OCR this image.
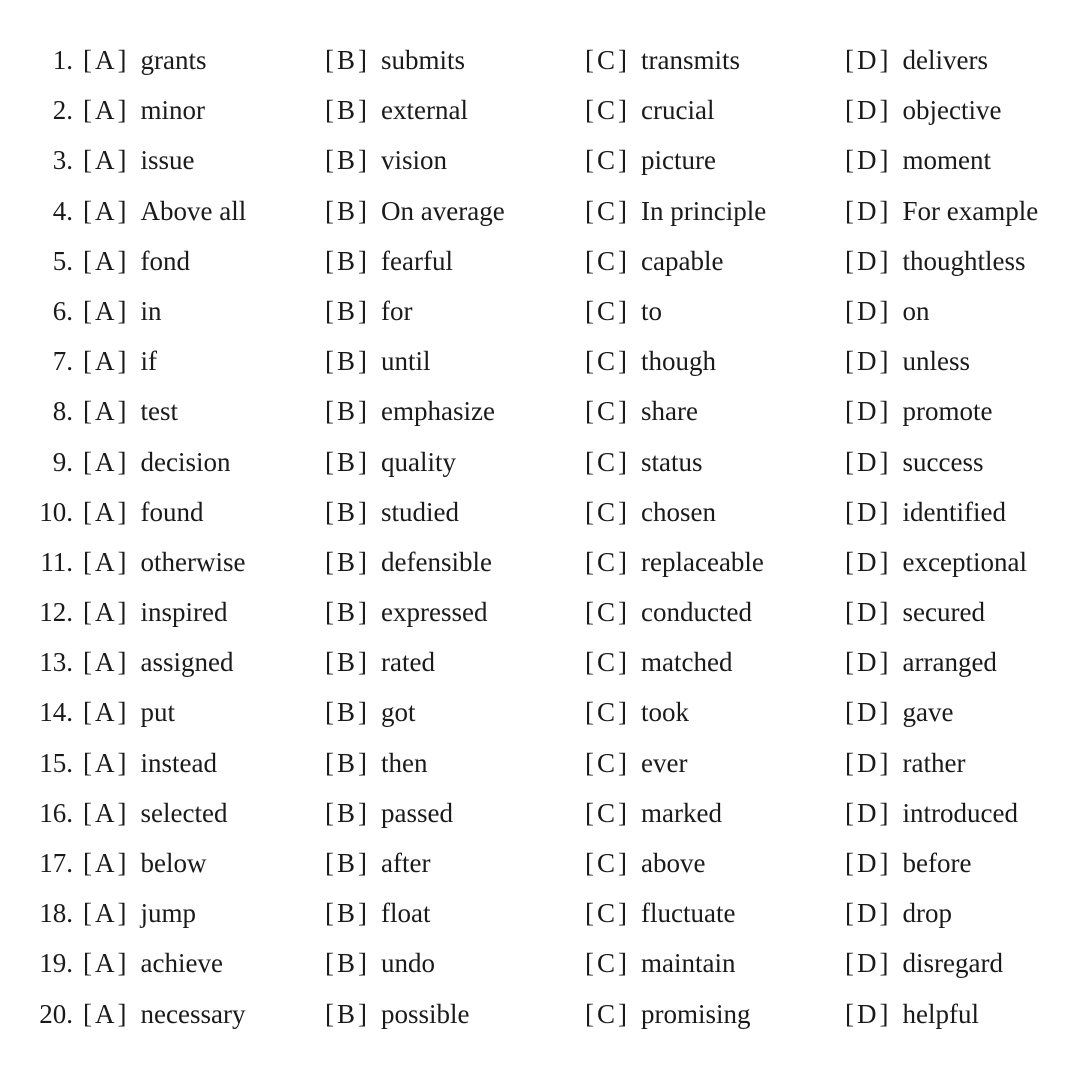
1. [ A ] grants	[ B ] submits	[ C ] transmits	[ D ] delivers
2. [ A ] minor	[ B ] external	[ C ] crucial	[ D ] objective
3. [ A ] issue	[ B ] vision	[ C ] picture	[ D ] moment
4. [ A ] Above all	[ B ] On average	[ C ] In principle	[ D ] For example
5. [ A ] fond	[ B ] fearful	[ C ] capable	[ D ] thoughtless
6. [ A ] in	[ B ] for	[ C ] to	[ D ] on
7. [ A ] if	[ B ] until	[ C ] though	[ D ] unless
8. [ A ] test	[ B ] emphasize	[ C ] share	[ D ] promote
9. [ A ] decision	[ B ] quality	[ C ] status	[ D ] success
10. [ A ] found	[ B ] studied	[ C ] chosen	[ D ] identified
11. [ A ] otherwise	[ B ] defensible	[ C ] replaceable	[ D ] exceptional
12. [ A ] inspired	[ B ] expressed	[ C ] conducted	[ D ] secured
13. [ A ] assigned	[ B ] rated	[ C ] matched	[ D ] arranged
14. [ A ] put	[ B ] got	[ C ] took	[ D ] gave
15. [ A ] instead	[ B ] then	[ C ] ever	[ D ] rather
16. [ A ] selected	[ B ] passed	[ C ] marked	[ D ] introduced
17. [ A ] below	[ B ] after	[ C ] above	[ D ] before
18. [ A ] jump	[ B ] float	[ C ] fluctuate	[ D ] drop
19. [ A ] achieve	[ B ] undo	[ C ] maintain	[ D ] disregard
20. [ A ] necessary	[ B ] possible	[ C ] promising	[ D ] helpful
